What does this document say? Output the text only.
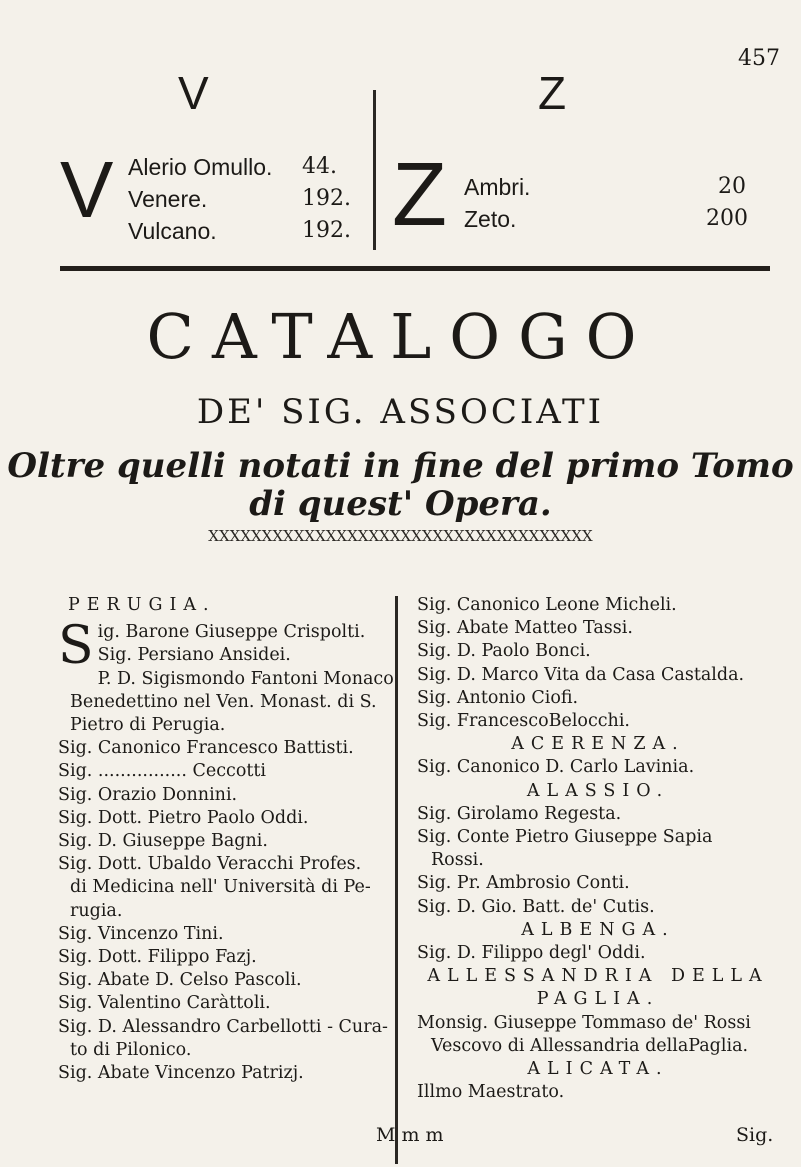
457
V	Z
V Alerio Omullo.
Venere.
Vulcano.
44.
192.
192. Z Ambri.
Zeto.
20
200
CATALOGO
DE' SIG. ASSOCIATI
Oltre quelli notati in fine del primo Tomo
di quest' Opera.
XXXXXXXXXXXXXXXXXXXXXXXXXXXXXXXXXXXX
PERUGIA.
S ig. Barone Giuseppe Crispolti.
Sig. Persiano Ansidei.
P. D. Sigismondo Fantoni Monaco
Benedettino nel Ven. Monast. di S.
Pietro di Perugia.
Sig. Canonico Francesco Battisti.
Sig. ................ Ceccotti
Sig. Orazio Donnini.
Sig. Dott. Pietro Paolo Oddi.
Sig. D. Giuseppe Bagni.
Sig. Dott. Ubaldo Veracchi Profes.
di Medicina nell' Università di Pe-
rugia.
Sig. Vincenzo Tini.
Sig. Dott. Filippo Fazj.
Sig. Abate D. Celso Pascoli.
Sig. Valentino Caràttoli.
Sig. D. Alessandro Carbellotti - Cura-
to di Pilonico.
Sig. Abate Vincenzo Patrizj.
Sig. Canonico Leone Micheli.
Sig. Abate Matteo Tassi.
Sig. D. Paolo Bonci.
Sig. D. Marco Vita da Casa Castalda.
Sig. Antonio Ciofi.
Sig. FrancescoBelocchi.
ACERENZA.
Sig. Canonico D. Carlo Lavinia.
ALASSIO.
Sig. Girolamo Regesta.
Sig. Conte Pietro Giuseppe Sapia
Rossi.
Sig. Pr. Ambrosio Conti.
Sig. D. Gio. Batt. de' Cutis.
ALBENGA.
Sig. D. Filippo degl' Oddi.
ALLESSANDRIA DELLA
PAGLIA.
Monsig. Giuseppe Tommaso de' Rossi
Vescovo di Allessandria dellaPaglia.
ALICATA.
Illmo Maestrato.
M m m	Sig.
